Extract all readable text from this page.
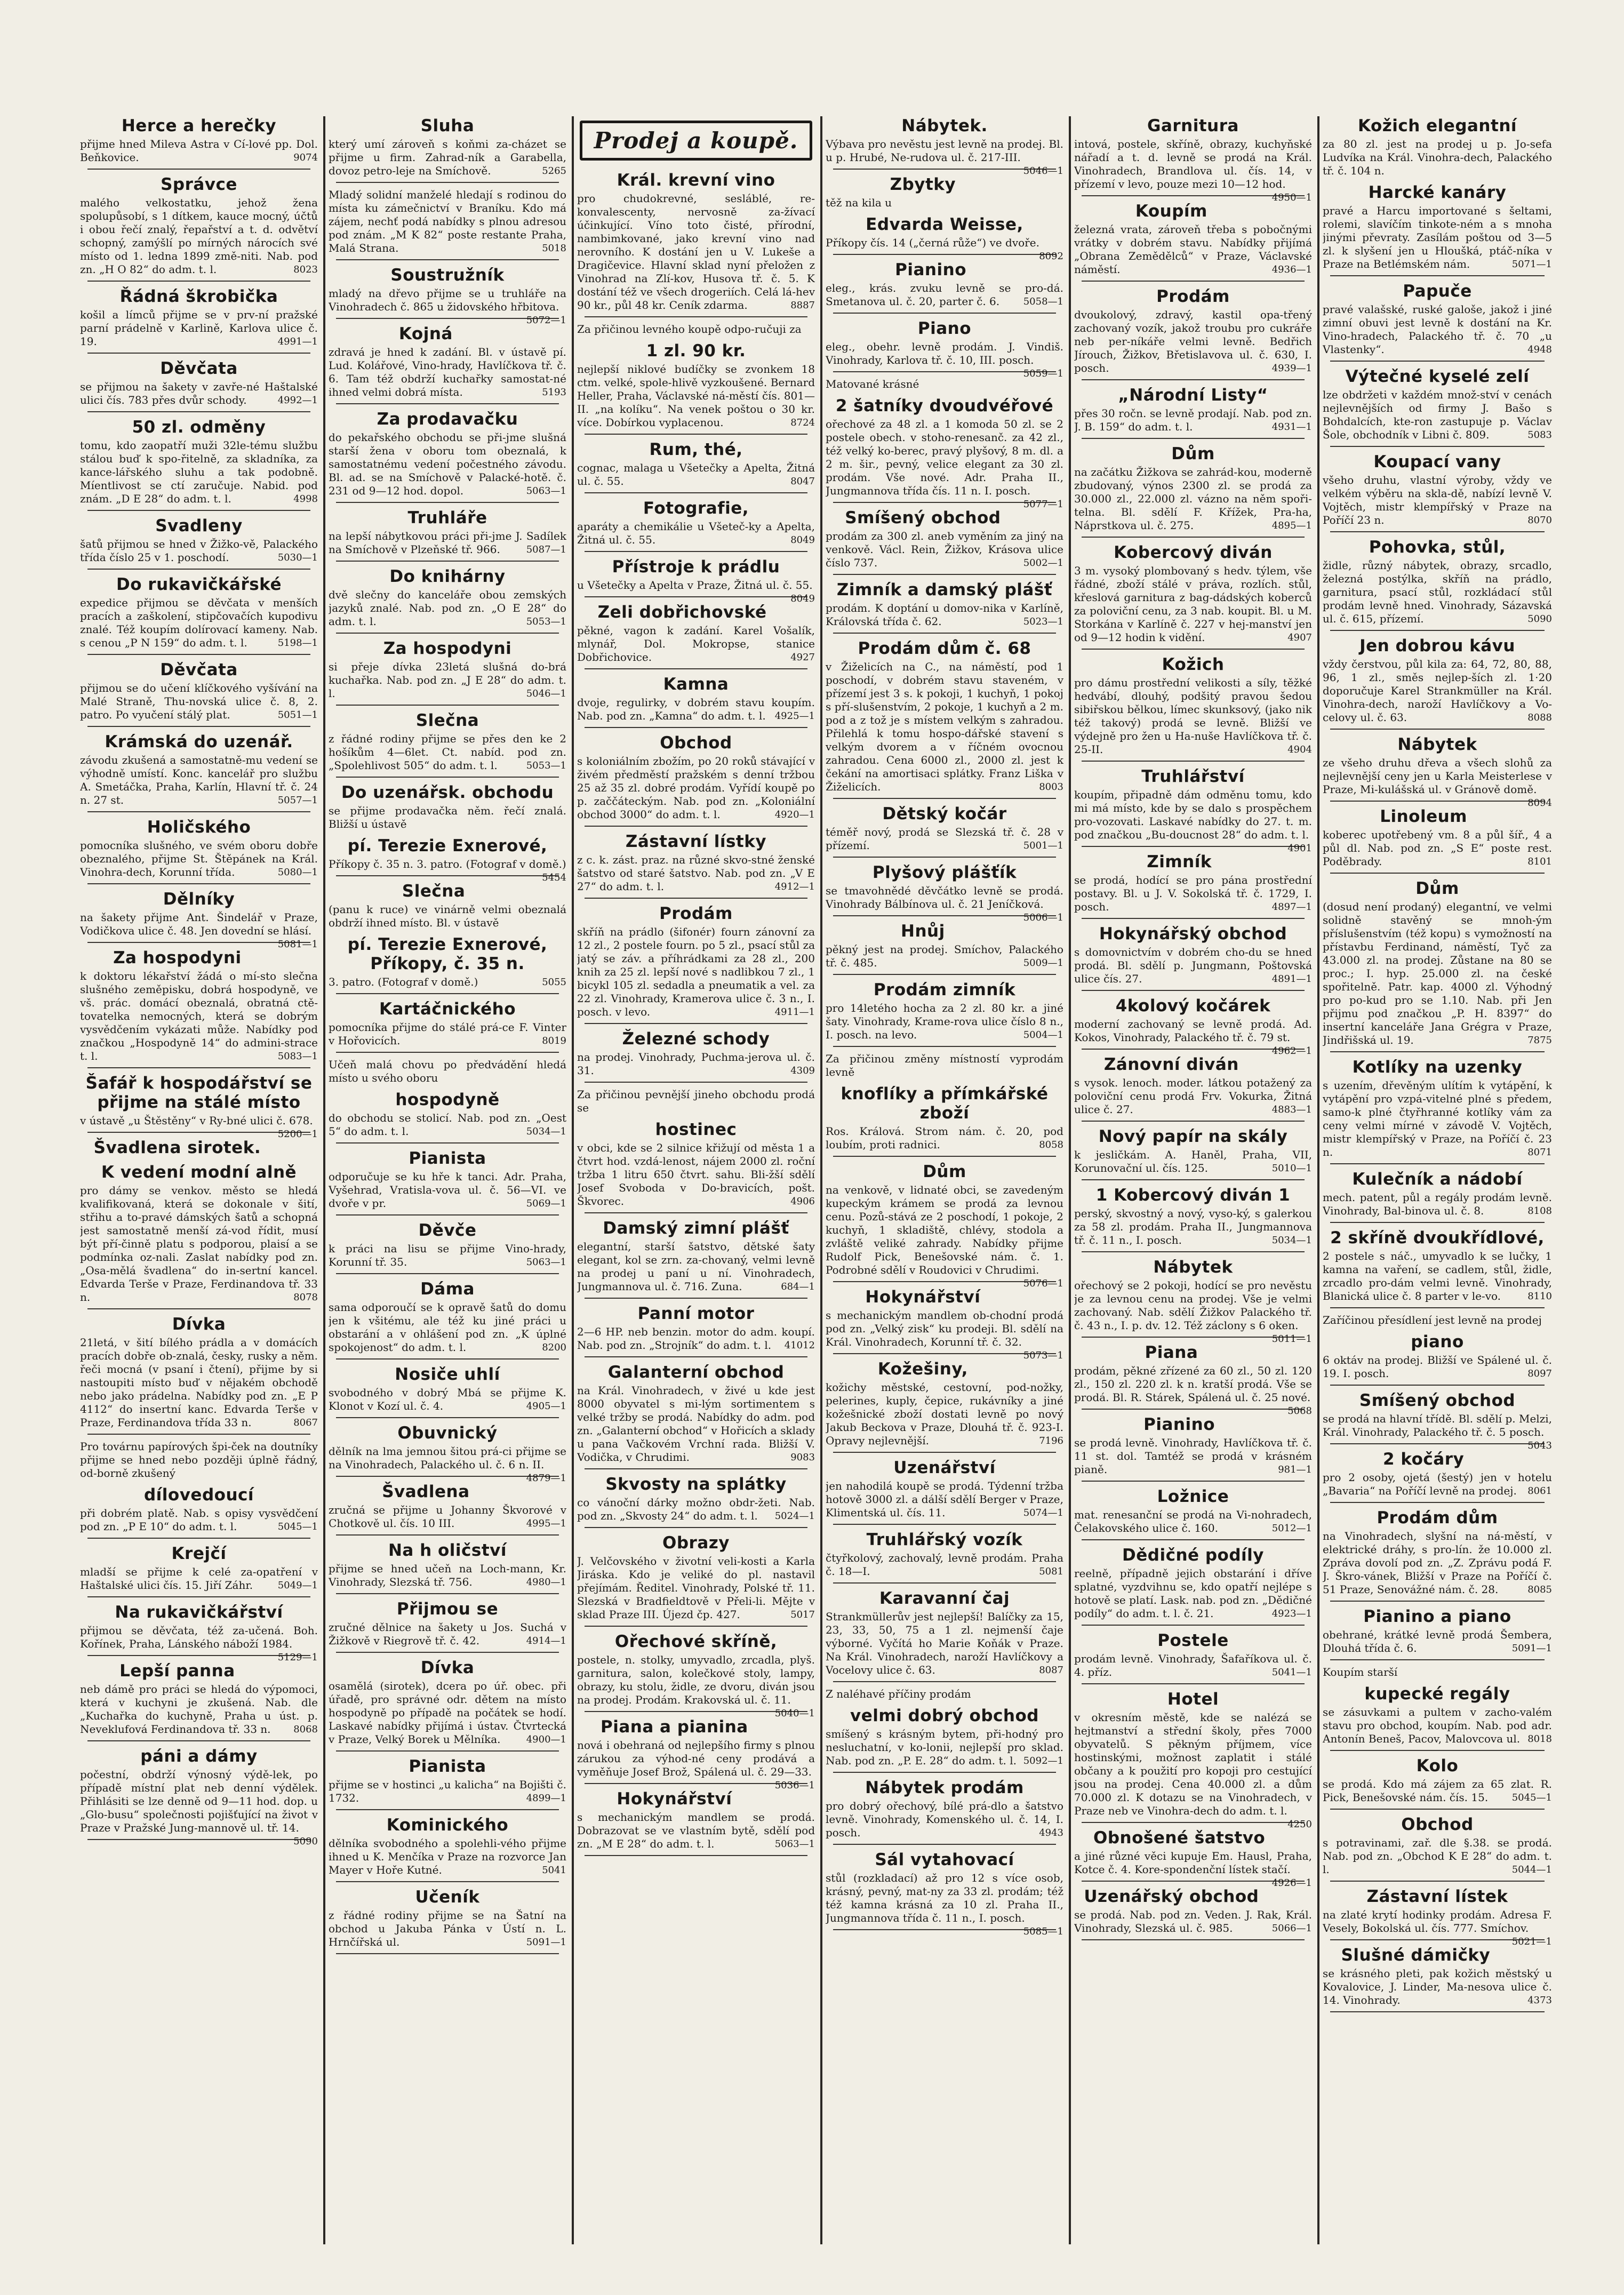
Herce a herečky

přijme hned Mileva Astra v Cí-lové pp. Dol. Beňkovice.	9074

Správce

malého velkostatku, jehož žena spolupůsobí, s 1 dítkem, kauce mocný, účtů i obou řečí znalý, řepařství a t. d. odvětví schopný, zamýšlí po mírných nárocích své místo od 1. ledna 1899 změ-niti. Nab. pod zn. „H O 82“ do adm. t. l.	8023

Řádná škrobička

košil a límců přijme se v prv-ní pražské parní prádelně v Karlině, Karlova ulice č. 19.	4991—1

Děvčata

se přijmou na šakety v zavře-né Haštalské ulici čís. 783 přes dvůr schody.	4992—1

50 zl. odměny

tomu, kdo zaopatří muži 32le-tému službu stálou buď k spo-řitelně, za skladníka, za kance-lářského sluhu a tak podobně. Míentlivost se ctí zaručuje. Nabid. pod znám. „D E 28“ do adm. t. l.	4998

Svadleny

šatů přijmou se hned v Žižko-vě, Palackého třída číslo 25 v 1. poschodí.	5030—1

Do rukavičkářské

expedice přijmou se děvčata v menších pracích a zaškolení, stipčovačích kupodivu znalé. Též koupím dolírovací kameny. Nab. s cenou „P N 159“ do adm. t. l.	5198—1

Děvčata

přijmou se do učení klíčkového vyšívání na Malé Straně, Thu-novská ulice č. 8, 2. patro. Po vyučení stálý plat.	5051—1

Krámská do uzenář.

závodu zkušená a samostatně-mu vedení se výhodně umístí. Konc. kancelář pro službu A. Smetáčka, Praha, Karlín, Hlavní tř. č. 24 n. 27 st.	5057—1

Holičského

pomocníka slušného, ve svém oboru dobře obeznalého, přijme St. Štěpánek na Král. Vinohra-dech, Korunní třída.	5080—1

Dělníky

na šakety přijme Ant. Šindelář v Praze, Vodičkova ulice č. 48. Jen dovední se hlásí.
5081—1

Za hospodyni

k doktoru lékařství žádá o mí-sto slečna slušného zeměpisku, dobrá hospodyně, ve vš. prác. domácí obeznalá, obratná ctě-tovatelka nemocných, která se dobrým vysvědčením vykázati může. Nabídky pod značkou „Hospodyně 14“ do admini-strace t. l.	5083—1

Šafář k hospodářství se přijme na stálé místo

v ústavě „u Štěstěny“ v Ry-bné ulici č. 678.
5200—1

Švadlena sirotek.
K vedení modní alně

pro dámy se venkov. město se hledá kvalifikovaná, která se dokonale v šití, střihu a to-pravé dámských šatů a schopná jest samostatně menší zá-vod řídit, musí být pří-činně platu s podporou, plaisí a se podmínka oz-nali. Zaslat nabídky pod zn. „Osa-mělá švadlena“ do in-sertní kancel. Edvarda Terše v Praze, Ferdinandova tř. 33 n.	8078

Dívka

21letá, v šití bílého prádla a v domácích pracích dobře ob-znalá, česky, rusky a něm. řeči mocná (v psaní i čtení), přijme by si nastoupiti místo buď v nějakém obchodě nebo jako prádelna. Nabídky pod zn. „E P 4112“ do insertní kanc. Edvarda Terše v Praze, Ferdinandova třída 33 n.	8067

Pro továrnu papírových špi-ček na doutníky přijme se hned nebo později úplně řádný, od-borně zkušený

dílovedoucí

při dobrém platě. Nab. s opisy vysvědčení pod zn. „P E 10“ do adm. t. l.	5045—1

Krejčí

mladší se přijme k celé za-opatření v Haštalské ulici čís. 15. Jiří Záhr.	5049—1

Na rukavičkářství

přijmou se děvčata, též za-učená. Boh. Kořínek, Praha, Lánského náboží 1984.
5129—1

Lepší panna

neb dámě pro práci se hledá do výpomoci, která v kuchyni je zkušená. Nab. dle „Kuchařka do kuchyně, Praha u úst. p. Neveklufová Ferdinandova tř. 33 n.	8068

páni a dámy

počestní, obdrží výnosný výdě-lek, po případě místní plat neb denní výdělek. Přihlásiti se lze denně od 9—11 hod. dop. u „Glo-busu“ společnosti pojišťující na život v Praze v Pražské Jung-mannově ul. tř. 14.
5090

Sluha

který umí zároveň s koňmi za-cházet se přijme u firm. Zahrad-ník a Garabella, dovoz petro-leje na Smíchově.	5265

Mladý solidní manželé hledají s rodinou do místa ku zámečnictví v Braníku. Kdo má zájem, nechť podá nabídky s plnou adresou pod znám. „M K 82“ poste restante Praha, Malá Strana.	5018

Soustružník

mladý na dřevo přijme se u truhláře na Vinohradech č. 865 u židovského hřbitova.
5072—1

Kojná

zdravá je hned k zadání. Bl. v ústavě pí. Lud. Kolářové, Vino-hrady, Havlíčkova tř. č. 6. Tam též obdrží kuchařky samostat-né ihned velmi dobrá místa.	5193

Za prodavačku

do pekařského obchodu se při-jme slušná starší žena v oboru tom obeznalá, k samostatnému vedení počestného závodu. Bl. ad. se na Smíchově v Palacké-hotě. č. 231 od 9—12 hod. dopol.	5063—1

Truhláře

na lepší nábytkovou práci při-jme J. Sadílek na Smíchově v Plzeňské tř. 966.	5087—1

Do knihárny

dvě slečny do kanceláře obou zemských jazyků znalé. Nab. pod zn. „O E 28“ do adm. t. l.	5053—1

Za hospodyni

si přeje dívka 23letá slušná do-brá kuchařka. Nab. pod zn. „J E 28“ do adm. t. l.	5046—1

Slečna

z řádné rodiny přijme se přes den ke 2 hošíkům 4—6let. Ct. nabíd. pod zn. „Spolehlivost 505“ do adm. t. l.	5053—1

Do uzenářsk. obchodu

se přijme prodavačka něm. řečí znalá. Bližší u ústavě

pí. Terezie Exnerové,

Příkopy č. 35 n. 3. patro. (Fotograf v domě.)
5454

Slečna

(panu k ruce) ve vinárně velmi obeznalá obdrží ihned místo. Bl. v ústavě

pí. Terezie Exnerové, Příkopy, č. 35 n.

3. patro. (Fotograf v domě.)	5055

Kartáčnického

pomocníka přijme do stálé prá-ce F. Vinter v Hořovicích.	8019

Učeň malá chovu po předvádění hledá místo u svého oboru

hospodyně

do obchodu se stolicí. Nab. pod zn. „Oest 5“ do adm. t. l.	5034—1

Pianista

odporučuje se ku hře k tanci. Adr. Praha, Vyšehrad, Vratisla-vova ul. č. 56—VI. ve dvoře v pr.	5069—1

Děvče

k práci na lisu se přijme Vino-hrady, Korunní tř. 35.	5063—1

Dáma

sama odporoučí se k opravě šatů do domu jen k všitému, ale též ku jiné práci u obstarání a v ohlášení pod zn. „K úplné spokojenost“ do adm. t. l.	8200

Nosiče uhlí

svobodného v dobrý Mbá se přijme K. Klonot v Kozí ul. č. 4.	4905—1

Obuvnický

dělník na lma jemnou šitou prá-ci přijme se na Vinohradech, Palackého ul. č. 6 n. II.
4879—1

Švadlena

zručná se přijme u Johanny Škvorové v Chotkově ul. čís. 10 III.	4995—1

Na h oličství

přijme se hned učeň na Loch-mann, Kr. Vinohrady, Slezská tř. 756.	4980—1

Přijmou se

zručné dělnice na šakety u Jos. Suchá v Žižkově v Riegrově tř. č. 42.	4914—1

Dívka

osamělá (sirotek), dcera po úř. obec. při úřadě, pro správné odr. dětem na místo hospodyně po případě na počátek se hodí. Laskavé nabídky přijímá i ústav. Čtvrtecká v Praze, Velký Borek u Mělníka.	4900—1

Pianista

přijme se v hostinci „u kalicha“ na Bojišti č. 1732.	4899—1

Kominického

dělníka svobodného a spolehli-vého přijme ihned u K. Menčíka v Praze na rozvorce Jan Mayer v Hoře Kutné.	5041

Učeník

z řádné rodiny přijme se na Šatní na obchod u Jakuba Pánka v Ústí n. L. Hrnčířská ul.	5091—1

Prodej a koupě.
Král. krevní vino

pro chudokrevné, sesláblé, re-konvalescenty, nervosně za-žívací účinkující. Víno toto čisté, přírodní, nambimkované, jako krevní vino nad nerovního. K dostání jen u V. Lukeše a Dragičevice. Hlavní sklad nyní přeložen z Vinohrad na Zlí-kov, Husova tř. č. 5. K dostání též ve všech drogeriích. Celá lá-hev 90 kr., půl 48 kr. Ceník zdarma.	8887

Za přičinou levného koupě odpo-ručuji za

1 zl. 90 kr.

nejlepší niklové budíčky se zvonkem 18 ctm. velké, spole-hlivě vyzkoušené. Bernard Heller, Praha, Václavské ná-městí čís. 801—II. „na kolíku“. Na venek poštou o 30 kr. více. Dobírkou vyplacenou.	8724

Rum, thé,

cognac, malaga u Všetečky a Apelta, Žitná ul. č. 55.	8047

Fotografie,

aparáty a chemikálie u Všeteč-ky a Apelta, Žitná ul. č. 55.	8049

Přístroje k prádlu

u Všetečky a Apelta v Praze, Žitná ul. č. 55.
8049

Zeli dobřichovské

pěkné, vagon k zadání. Karel Vošalík, mlynář, Dol. Mokropse, stanice Dobřichovice.	4927

Kamna

dvoje, regulirky, v dobrém stavu koupím. Nab. pod zn. „Kamna“ do adm. t. l. 4925—1

Obchod

s koloniálním zbožím, po 20 roků stávající v živém předměstí pražském s denní tržbou 25 až 35 zl. dobré prodám. Vyřídí koupě po p. začčáteckým. Nab. pod zn. „Koloniální obchod 3000“ do adm. t. l.	4920—1

Zástavní lístky

z c. k. zást. praz. na různé skvo-stné ženské šatstvo od staré šatstvo. Nab. pod zn. „V E 27“ do adm. t. l.	4912—1

Prodám

skříň na prádlo (šifonér) fourn zánovní za 12 zl., 2 postele fourn. po 5 zl., psací stůl za jatý se záv. a příhrádkami za 28 zl., 200 knih za 25 zl. lepší nové s nadlibkou 7 zl., 1 bicykl 105 zl. sedadla a pneumatik a vel. za 22 zl. Vinohrady, Kramerova ulice č. 3 n., I. posch. v levo.	4911—1

Železné schody

na prodej. Vinohrady, Puchma-jerova ul. č. 31.	4309

Za přičinou pevnější jineho obchodu prodá se

hostinec

v obci, kde se 2 silnice křižují od města 1 a čtvrt hod. vzdá-lenost, nájem 2000 zl. roční tržba 1 litru 650 čtvrt. sahu. Bli-žší sdělí Josef Svoboda v Do-bravicích, pošt. Škvorec.	4906

Damský zimní plášť

elegantní, starší šatstvo, dětské šaty elegant, kol se zrn. za-chovaný, velmi levně na prodej u paní u ní. Vinohradech, Jungmannova ul. č. 716. Zuna.	684—1

Panní motor

2—6 HP. neb benzin. motor do adm. koupí. Nab. pod zn. „Strojník“ do adm. t. l.	41012

Galanterní obchod

na Král. Vinohradech, v živé u kde jest 8000 obyvatel s mi-lým sortimentem s velké tržby se prodá. Nabídky do adm. pod zn. „Galanterní obchod“ v Hořicích a sklady u pana Vačkovém Vrchní rada. Bližší V. Vodička, v Chrudimi.	9083

Skvosty na splátky

co vánoční dárky možno obdr-žeti. Nab. pod zn. „Skvosty 24“ do adm. t. l.	5024—1

Obrazy

J. Velčovského v životní veli-kosti a Karla Jiráska. Kdo je veliké do pl. nastavil přejímám. Ředitel. Vinohrady, Polské tř. 11. Slezská v Bradfieldtově v Přeli-li. Mějte v sklad Praze III. Újezd čp. 427.	5017

Ořechové skříně,

postele, n. stolky, umyvadlo, zrcadla, plyš. garnitura, salon, kolečkové stoly, lampy, obrazy, ku stolu, židle, ze dvoru, diván jsou na prodej. Prodám. Krakovská ul. č. 11.
5040—1

Piana a pianina

nová i obehraná od nejlepšího firmy s plnou zárukou za výhod-né ceny prodává a vyměňuje Josef Brož, Spálená ul. č. 29—33.
5036—1

Hokynářství

s mechanickým mandlem se prodá. Dobrazovat se ve vlastním bytě, sdělí pod zn. „M E 28“ do adm. t. l.	5063—1

Nábytek.

Výbava pro nevěstu jest levně na prodej. Bl. u p. Hrubé, Ne-rudova ul. č. 217-III.
5046—1

Zbytky

těž na kila u

Edvarda Weisse,

Příkopy čís. 14 („černá růže“) ve dvoře.
8092

Pianino

eleg., krás. zvuku levně se pro-dá. Smetanova ul. č. 20, parter č. 6.	5058—1

Piano

eleg., obehr. levně prodám. J. Vindiš. Vinohrady, Karlova tř. č. 10, III. posch.
5059—1

Matované krásné

2 šatníky dvoudvéřové

ořechové za 48 zl. a 1 komoda 50 zl. se 2 postele obech. v stoho-renesanč. za 42 zl., též velký ko-berec, pravý plyšový, 8 m. dl. a 2 m. šir., pevný, velice elegant za 30 zl. prodám. Vše nové. Adr. Praha II., Jungmannova třída čís. 11 n. I. posch.
5077—1

Smíšený obchod

prodám za 300 zl. aneb vyměním za jiný na venkově. Václ. Rein, Žižkov, Krásova ulice číslo 737.	5002—1

Zimník a damský plášť

prodám. K doptání u domov-nika v Karlíně, Královská třída č. 62.	5023—1

Prodám dům č. 68

v Žiželicích na C., na náměstí, pod 1 poschodí, v dobrém stavu staveném, v přízemí jest 3 s. k pokoji, 1 kuchyň, 1 pokoj s pří-slušenstvím, 2 pokoje, 1 kuchyň a 2 m. pod a z tož je s místem velkým s zahradou. Přilehlá k tomu hospo-dářské stavení s velkým dvorem a v říčném ovocnou zahradou. Cena 6000 zl., 2000 zl. jest k čekání na amortisaci splátky. Franz Liška v Žiželicích.	8003

Dětský kočár

téměř nový, prodá se Slezská tř. č. 28 v přízemí.	5001—1

Plyšový plášťík

se tmavohnědé děvčátko levně se prodá. Vinohrady Bálbínova ul. č. 21 Jeníčková.
5006—1

Hnůj

pěkný jest na prodej. Smíchov, Palackého tř. č. 485.	5009—1

Prodám zimník

pro 14letého hocha za 2 zl. 80 kr. a jiné šaty. Vinohrady, Krame-rova ulice číslo 8 n., I. posch. na levo.	5004—1

Za přičinou změny místností vyprodám levně

knoflíky a přímkářské zboží

Ros. Králová. Strom nám. č. 20, pod loubím, proti radnici.	8058

Dům

na venkově, v lidnaté obci, se zavedeným kupeckým krámem se prodá za levnou cenu. Pozů-stává ze 2 poschodí, 1 pokoje, 2 kuchyň, 1 skladiště, chlévy, stodola a zvláště veliké zahrady. Nabídky přijme Rudolf Pick, Benešovské nám. č. 1. Podrobné sdělí v Roudovici v Chrudimi.
5076—1

Hokynářství

s mechanickým mandlem ob-chodní prodá pod zn. „Velký zisk“ ku prodeji. Bl. sdělí na Král. Vinohradech, Korunní tř. č. 32.
5073—1

Kožešiny,

kožichy městské, cestovní, pod-nožky, pelerines, kuply, čepice, rukávníky a jiné kožešnické zboží dostati levně po nový Jakub Beckova v Praze, Dlouhá tř. č. 923-I. Opravy nejlevnější.	7196

Uzenářství

jen nahodilá koupě se prodá. Týdenní tržba hotově 3000 zl. a dálší sdělí Berger v Praze, Klimentská ul. čís. 11.	5074—1

Truhlářský vozík

čtyřkolový, zachovalý, levně prodám. Praha č. 18—I.	5081

Karavanní čaj

Strankmüllerův jest nejlepší! Balíčky za 15, 23, 33, 50, 75 a 1 zl. nejmenší čaje výborné. Vyčítá ho Marie Koňák v Praze. Na Král. Vinohradech, naroží Havlíčkovy a Vocelovy ulice č. 63.	8087

Z naléhavé příčiny prodám

velmi dobrý obchod

smíšený s krásným bytem, při-hodný pro nesluchatní, v ko-lonii, nejlepší pro sklad. Nab. pod zn. „P. E. 28“ do adm. t. l. 5092—1

Nábytek prodám

pro dobrý ořechový, bílé prá-dlo a šatstvo levně. Vinohrady, Komenského ul. č. 14, I. posch.	4943

Sál vytahovací

stůl (rozkladací) až pro 12 s více osob, krásný, pevný, mat-ny za 33 zl. prodám; též též kamna krásná za 10 zl. Praha II., Jungmannova třída č. 11 n., I. posch.
5085—1

Garnitura

intová, postele, skříně, obrazy, kuchyňské nářadí a t. d. levně se prodá na Král. Vinohradech, Brandlova ul. čís. 14, v přízemí v levo, pouze mezi 10—12 hod.
4950—1

Koupím

železná vrata, zároveň třeba s pobočnými vrátky v dobrém stavu. Nabídky přijímá „Obrana Zemědělců“ v Praze, Václavské náměstí.	4936—1

Prodám

dvoukolový, zdravý, kastil opa-třený zachovaný vozík, jakož troubu pro cukráře neb per-níkáře velmi levně. Bedřich Jírouch, Žižkov, Břetislavova ul. č. 630, I. posch.	4939—1

„Národní Listy“

přes 30 ročn. se levně prodají. Nab. pod zn. J. B. 159“ do adm. t. l.	4931—1

Dům

na začátku Žižkova se zahrád-kou, moderně zbudovaný, výnos 2300 zl. se prodá za 30.000 zl., 22.000 zl. vázno na něm spoři-telna. Bl. sdělí F. Křížek, Pra-ha, Náprstkova ul. č. 275.	4895—1

Kobercový diván

3 m. vysoký plombovaný s hedv. týlem, vše řádné, zboží stálé v práva, rozlích. stůl, křeslová garnitura z bag-dádských koberců za poloviční cenu, za 3 nab. koupit. Bl. u M. Storkána v Karlíně č. 227 v hej-manství jen od 9—12 hodin k vidění.	4907

Kožich

pro dámu prostřední velikosti a síly, těžké hedvábí, dlouhý, podšitý pravou šedou sibiřskou bělkou, límec skunksový, (jako nik též takový) prodá se levně. Bližší ve výdejně pro žen u Ha-nuše Havlíčkova tř. č. 25-II.	4904

Truhlářství

koupím, připadně dám odměnu tomu, kdo mi má místo, kde by se dalo s prospěchem pro-vozovati. Laskavé nabídky do 27. t. m. pod značkou „Bu-doucnost 28“ do adm. t. l.
4901

Zimník

se prodá, hodící se pro pána prostřední postavy. Bl. u J. V. Sokolská tř. č. 1729, I. posch.	4897—1

Hokynářský obchod

s domovnictvím v dobrém cho-du se hned prodá. Bl. sdělí p. Jungmann, Poštovská ulice čís. 27.	4891—1

4kolový kočárek

moderní zachovaný se levně prodá. Ad. Kokos, Vinohrady, Palackého tř. č. 79 st.
4962—1

Zánovní diván

s vysok. lenoch. moder. látkou potažený za poloviční cenu prodá Frv. Vokurka, Žitná ulice č. 27.	4883—1

Nový papír na skály

k jesličkám. A. Haněl, Praha, VII, Korunovační ul. čís. 125.	5010—1

1 Kobercový diván 1

perský, skvostný a nový, vyso-ký, s galerkou za 58 zl. prodám. Praha II., Jungmannova tř. č. 11 n., I. posch.	5034—1

Nábytek

ořechový se 2 pokoji, hodící se pro nevěstu je za levnou cenu na prodej. Vše je velmi zachovaný. Nab. sdělí Žižkov Palackého tř. č. 43 n., I. p. dv. 12. Též záclony s 6 oken.
5011—1

Piana

prodám, pěkné zřízené za 60 zl., 50 zl. 120 zl., 150 zl. 220 zl. k n. kratší prodá. Vše se prodá. Bl. R. Stárek, Spálená ul. č. 25 nové.
5068

Pianino

se prodá levně. Vinohrady, Havlíčkova tř. č. 11 st. dol. Tamtéž se prodá v krásném pianě.	981—1

Ložnice

mat. renesanční se prodá na Vi-nohradech, Čelakovského ulice č. 160.	5012—1

Dědičné podíly

reelně, případně jejich obstarání i dříve splatné, vyzdvihnu se, kdo opatří nejlépe s hotově se platí. Lask. nab. pod zn. „Dědičné podíly“ do adm. t. l. č. 21.	4923—1

Postele

prodám levně. Vinohrady, Šafaříkova ul. č. 4. příz.	5041—1

Hotel

v okresním městě, kde se nalézá se hejtmanství a střední školy, přes 7000 obyvatelů. S pěkným příjmem, více hostinskými, možnost zaplatit i stálé občany a k použití pro kopoji pro cestující jsou na prodej. Cena 40.000 zl. a dům 70.000 zl. K dotazu se na Vinohradech, v Praze neb ve Vinohra-dech do adm. t. l.
4250

Obnošené šatstvo

a jiné různé věci kupuje Em. Hausl, Praha, Kotce č. 4. Kore-spondenční lístek stačí.
4926—1

Uzenářský obchod

se prodá. Nab. pod zn. Veden. J. Rak, Král. Vinohrady, Slezská ul. č. 985.	5066—1

Kožich elegantní

za 80 zl. jest na prodej u p. Jo-sefa Ludvíka na Král. Vinohra-dech, Palackého tř. č. 104 n.

Harcké kanáry

pravé a Harcu importované s šeltami, rolemi, slavíčím tinkote-ném a s mnoha jinými převraty. Zasílám poštou od 3—5 zl. k slyšení jen u Hloušká, ptáč-níka v Praze na Betlémském nám.	5071—1

Papuče

pravé valašské, ruské galoše, jakož i jiné zimní obuvi jest levně k dostání na Kr. Vino-hradech, Palackého tř. č. 70 „u Vlastenky“.	4948

Výtečné kyselé zelí

lze obdržeti v každém množ-ství v cenách nejlevnějších od firmy J. Bašo s Bohdalcích, kte-ron zastupuje p. Václav Šole, obchodník v Libni č. 809.	5083

Koupací vany

všeho druhu, vlastní výroby, vždy ve velkém výběru na skla-dě, nabízí levně V. Vojtěch, mistr klempířský v Praze na Poříčí 23 n.	8070

Pohovka, stůl,

židle, různý nábytek, obrazy, srcadlo, železná postýlka, skříň na prádlo, garnitura, psací stůl, rozkládací stůl prodám levně hned. Vinohrady, Sázavská ul. č. 615, přízemí.	5090

Jen dobrou kávu

vždy čerstvou, půl kila za: 64, 72, 80, 88, 96, 1 zl., směs nejlep-ších zl. 1·20 doporučuje Karel Strankmüller na Král. Vinohra-dech, naroží Havlíčkovy a Vo-celovy ul. č. 63.	8088

Nábytek

ze všeho druhu dřeva a všech slohů za nejlevnější ceny jen u Karla Meisterlese v Praze, Mi-kulášská ul. v Gránově domě.
8094

Linoleum

koberec upotřebený vm. 8 a půl šíř., 4 a půl dl. Nab. pod zn. „S E“ poste rest. Poděbrady.	8101

Dům

(dosud není prodaný) elegantní, ve velmi solidně stavěný se mnoh-ým příslušenstvím (též kopu) s vymožností na přístavbu Ferdinand, náměstí, Tyč za 43.000 zl. na prodej. Zůstane na 80 se proc.; I. hyp. 25.000 zl. na české spořitelně. Patr. kap. 4000 zl. Výhodný pro po-kud pro se 1.10. Nab. při Jen přijmu pod značkou „P. H. 8397“ do insertní kanceláře Jana Grégra v Praze, Jindřišská ul. 19.	7875

Kotlíky na uzenky

s uzením, dřevěným ulítím k vytápění, k vytápění pro vzpá-vitelné plné s předem, samo-k plné čtyřhranné kotlíky vám za ceny velmi mírné v závodě V. Vojtěch, mistr klempířský v Praze, na Poříčí č. 23 n.	8071

Kulečník a nádobí

mech. patent, půl a regály prodám levně. Vinohrady, Bal-binova ul. č. 8.	8108

2 skříně dvoukřídlové,

2 postele s náč., umyvadlo k se lučky, 1 kamna na vaření, se cadlem, stůl, židle, zrcadlo pro-dám velmi levně. Vinohrady, Blanická ulice č. 8 parter v le-vo.	8110

Zaříčinou přesídlení jest levně na prodej

piano

6 oktáv na prodej. Bližší ve Spálené ul. č. 19. I. posch.	8097

Smíšený obchod

se prodá na hlavní třídě. Bl. sdělí p. Melzi, Král. Vinohrady, Palackého tř. č. 5 posch.
5043

2 kočáry

pro 2 osoby, ojetá (šestý) jen v hotelu „Bavaria“ na Poříčí levně na prodej.	8061

Prodám dům

na Vinohradech, slyšní na ná-městí, v elektrické dráhy, s pro-lín. že 10.000 zl. Zpráva dovolí pod zn. „Z. Zprávu podá F. J. Škro-vánek, Bližší v Praze na Poříčí č. 51 Praze, Senovážné nám. č. 28.	8085

Pianino a piano

obehrané, krátké levně prodá Šembera, Dlouhá třída č. 6.	5091—1

Koupím starší

kupecké regály

se zásuvkami a pultem v zacho-valém stavu pro obchod, koupím. Nab. pod adr. Antonín Beneš, Pacov, Malovcova ul. 8018

Kolo

se prodá. Kdo má zájem za 65 zlat. R. Pick, Benešovské nám. čís. 15.	5045—1

Obchod

s potravinami, zař. dle §.38. se prodá. Nab. pod zn. „Obchod K E 28“ do adm. t. l.	5044—1

Zástavní lístek

na zlaté krytí hodinky prodám. Adresa F. Vesely, Bokolská ul. čís. 777. Smíchov.
5021—1

Slušné dámičky

se krásného pleti, pak kožich městský u Kovalovice, J. Linder, Ma-nesova ulice č. 14. Vinohrady.	4373
